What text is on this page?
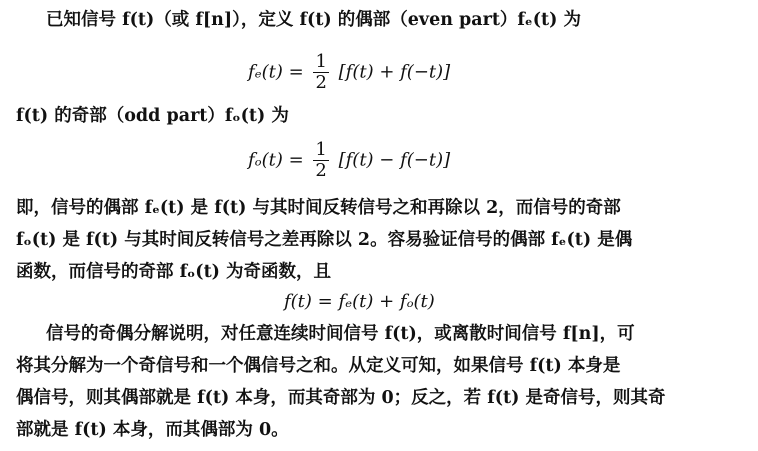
已知信号 f(t)（或 f[n]），定义 f(t) 的偶部（even part）fₑ(t) 为
$f_e(t) = \frac{1}{2} [f(t) + f(-t)]$
f(t) 的奇部（odd part）fₒ(t) 为
$f_o(t) = \frac{1}{2} [f(t) - f(-t)]$
即，信号的偶部 fₑ(t) 是 f(t) 与其时间反转信号之和再除以 2，而信号的奇部
fₒ(t) 是 f(t) 与其时间反转信号之差再除以 2。容易验证信号的偶部 fₑ(t) 是偶
函数，而信号的奇部 fₒ(t) 为奇函数，且
f(t) = fₑ(t) + fₒ(t)
信号的奇偶分解说明，对任意连续时间信号 f(t)，或离散时间信号 f[n]，可
将其分解为一个奇信号和一个偶信号之和。从定义可知，如果信号 f(t) 本身是
偶信号，则其偶部就是 f(t) 本身，而其奇部为 0；反之，若 f(t) 是奇信号，则其奇
部就是 f(t) 本身，而其偶部为 0。
